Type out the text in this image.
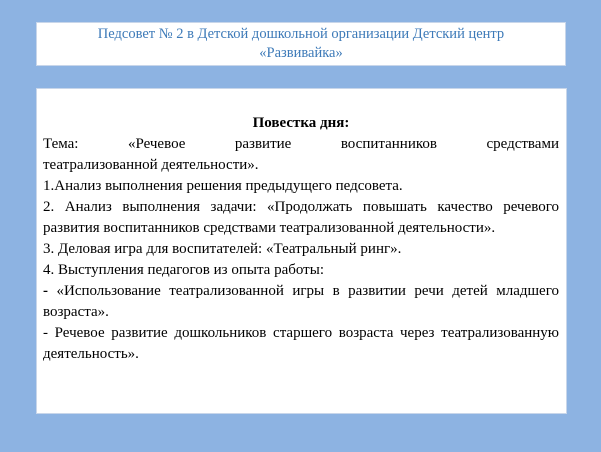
Педсовет № 2 в Детской дошкольной организации Детский центр
«Развивайка»
Повестка дня:
Тема:	«Речевое	развитие	воспитанников	средствами

театрализованной деятельности».

1.Анализ выполнения решения предыдущего педсовета.

2. Анализ выполнения задачи: «Продолжать повышать качество речевого развития воспитанников средствами театрализованной деятельности».

3. Деловая игра для воспитателей: «Театральный ринг».

4. Выступления педагогов из опыта работы:

- «Использование театрализованной игры в развитии речи детей младшего возраста».

- Речевое развитие дошкольников старшего возраста через театрализованную деятельность».
